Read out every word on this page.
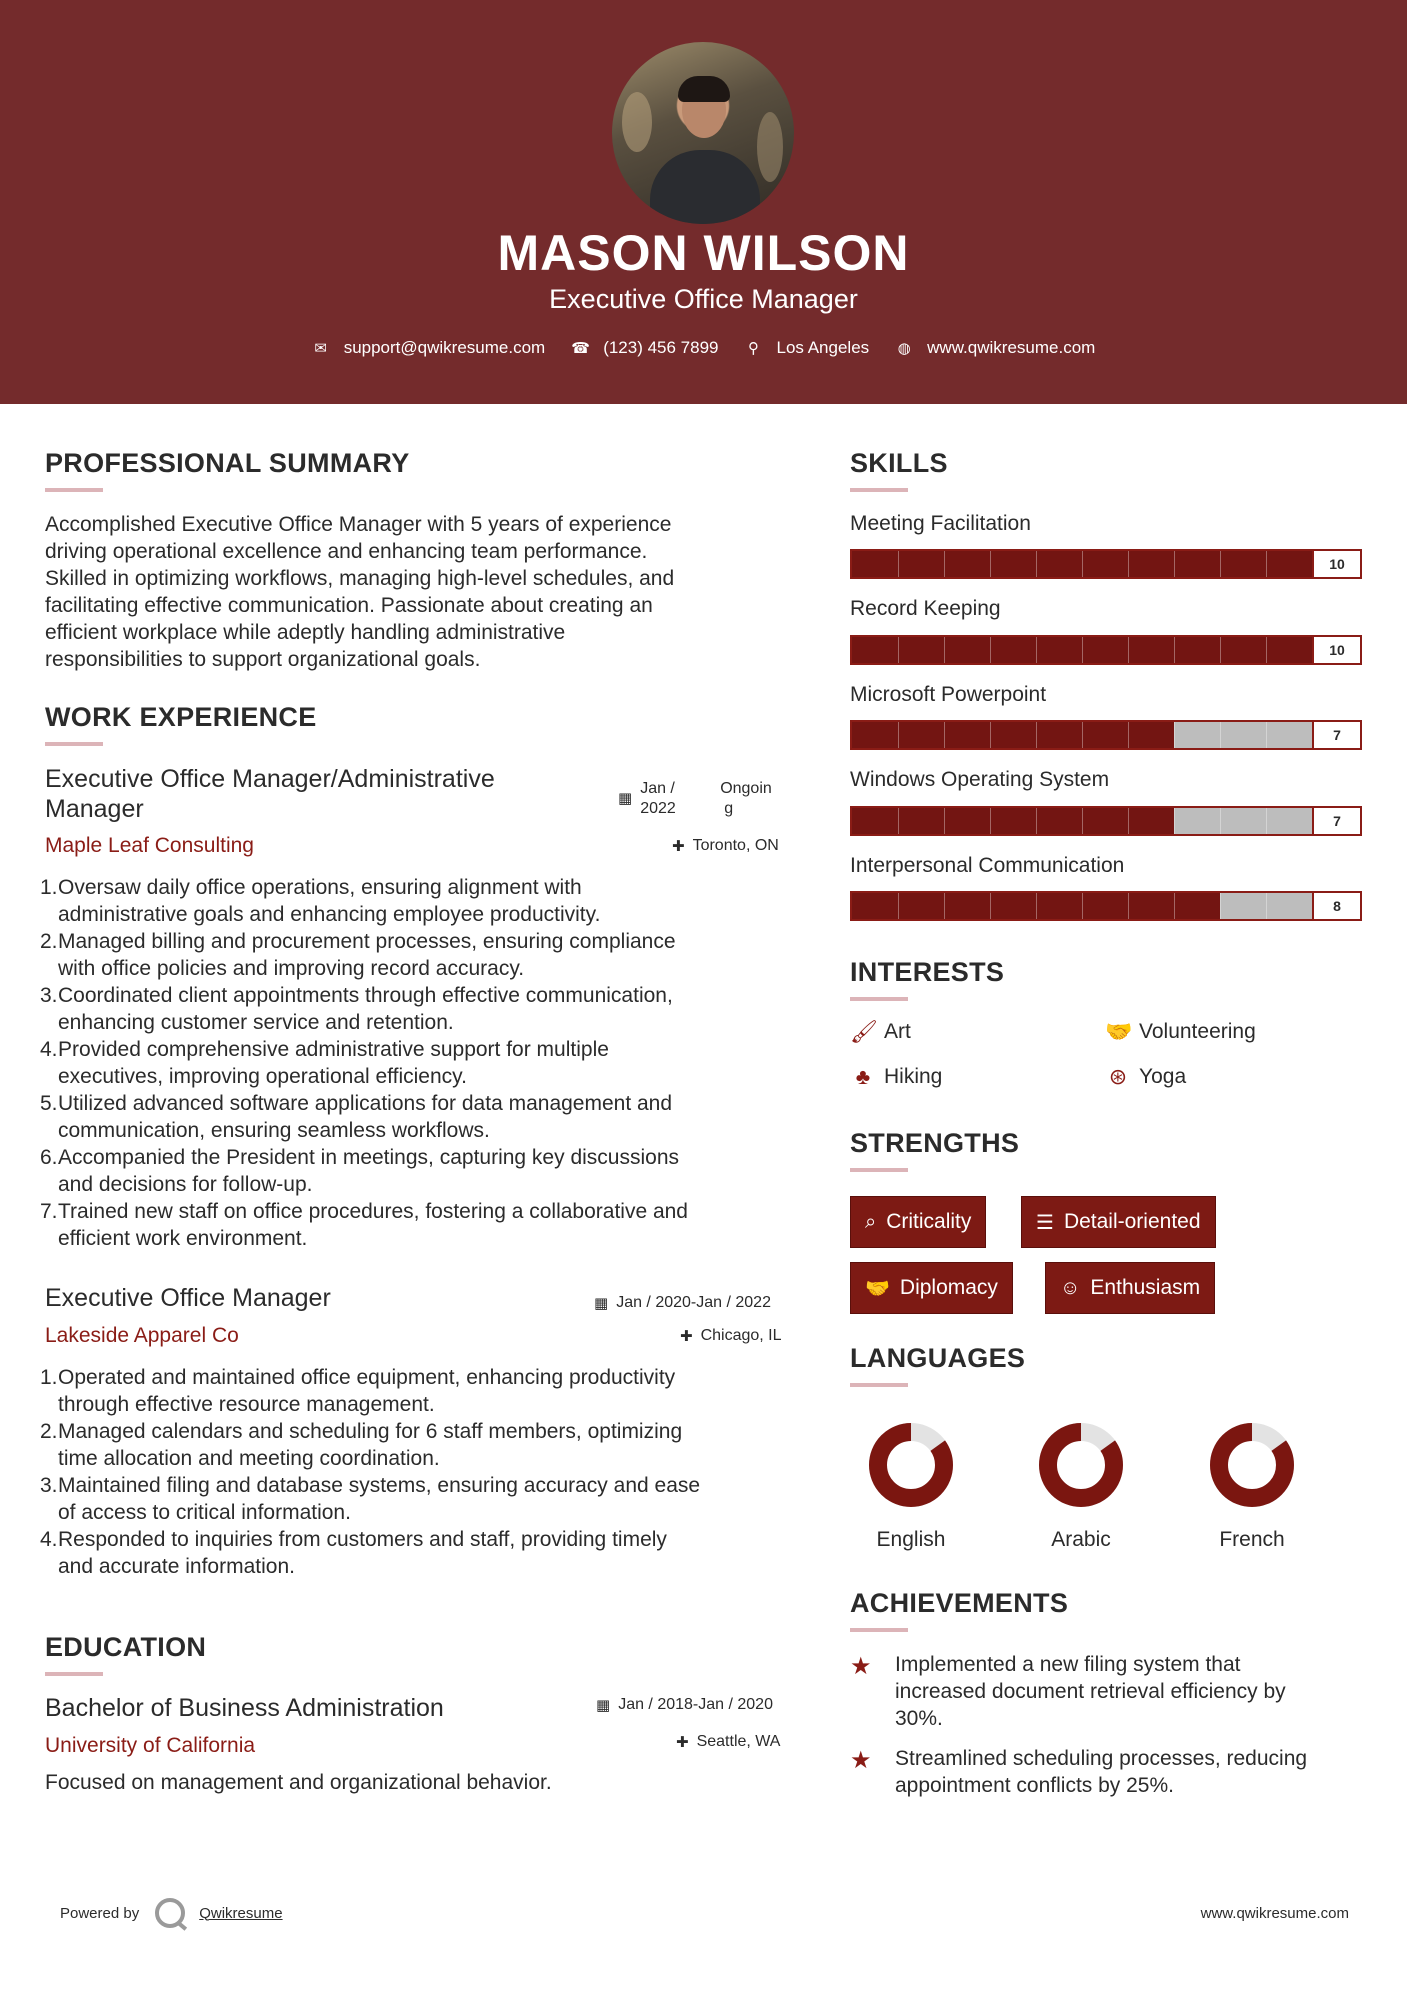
MASON WILSON
Executive Office Manager
✉ support@qwikresume.com ☎ (123) 456 7899 ⚲ Los Angeles ◍ www.qwikresume.com
PROFESSIONAL SUMMARY
Accomplished Executive Office Manager with 5 years of experience
driving operational excellence and enhancing team performance.
Skilled in optimizing workflows, managing high-level schedules, and
facilitating effective communication. Passionate about creating an
efficient workplace while adeptly handling administrative
responsibilities to support organizational goals.
WORK EXPERIENCE
Executive Office Manager/Administrative
Manager	▦
Jan /
2022
Ongoin
g
Maple Leaf Consulting	✚ Toronto, ON
1. Oversaw daily office operations, ensuring alignment with
administrative goals and enhancing employee productivity.
2. Managed billing and procurement processes, ensuring compliance
with office policies and improving record accuracy.
3. Coordinated client appointments through effective communication,
enhancing customer service and retention.
4. Provided comprehensive administrative support for multiple
executives, improving operational efficiency.
5. Utilized advanced software applications for data management and
communication, ensuring seamless workflows.
6. Accompanied the President in meetings, capturing key discussions
and decisions for follow-up.
7. Trained new staff on office procedures, fostering a collaborative and
efficient work environment.
Executive Office Manager	▦ Jan / 2020-Jan / 2022
Lakeside Apparel Co	✚ Chicago, IL
1. Operated and maintained office equipment, enhancing productivity
through effective resource management.
2. Managed calendars and scheduling for 6 staff members, optimizing
time allocation and meeting coordination.
3. Maintained filing and database systems, ensuring accuracy and ease
of access to critical information.
4. Responded to inquiries from customers and staff, providing timely
and accurate information.
EDUCATION
Bachelor of Business Administration	▦ Jan / 2018-Jan / 2020
University of California	✚ Seattle, WA
Focused on management and organizational behavior.
SKILLS
Meeting Facilitation
10
Record Keeping
10
Microsoft Powerpoint
7
Windows Operating System
7
Interpersonal Communication
8
INTERESTS
🖌 Art	🤝 Volunteering
♣ Hiking	⊛ Yoga
STRENGTHS
⌕ Criticality	☰ Detail-oriented
🤝 Diplomacy	☺ Enthusiasm
LANGUAGES
English	Arabic	French
ACHIEVEMENTS
★ Implemented a new filing system that
increased document retrieval efficiency by
30%.
★ Streamlined scheduling processes, reducing
appointment conflicts by 25%.
Powered by	Qwikresume	www.qwikresume.com
